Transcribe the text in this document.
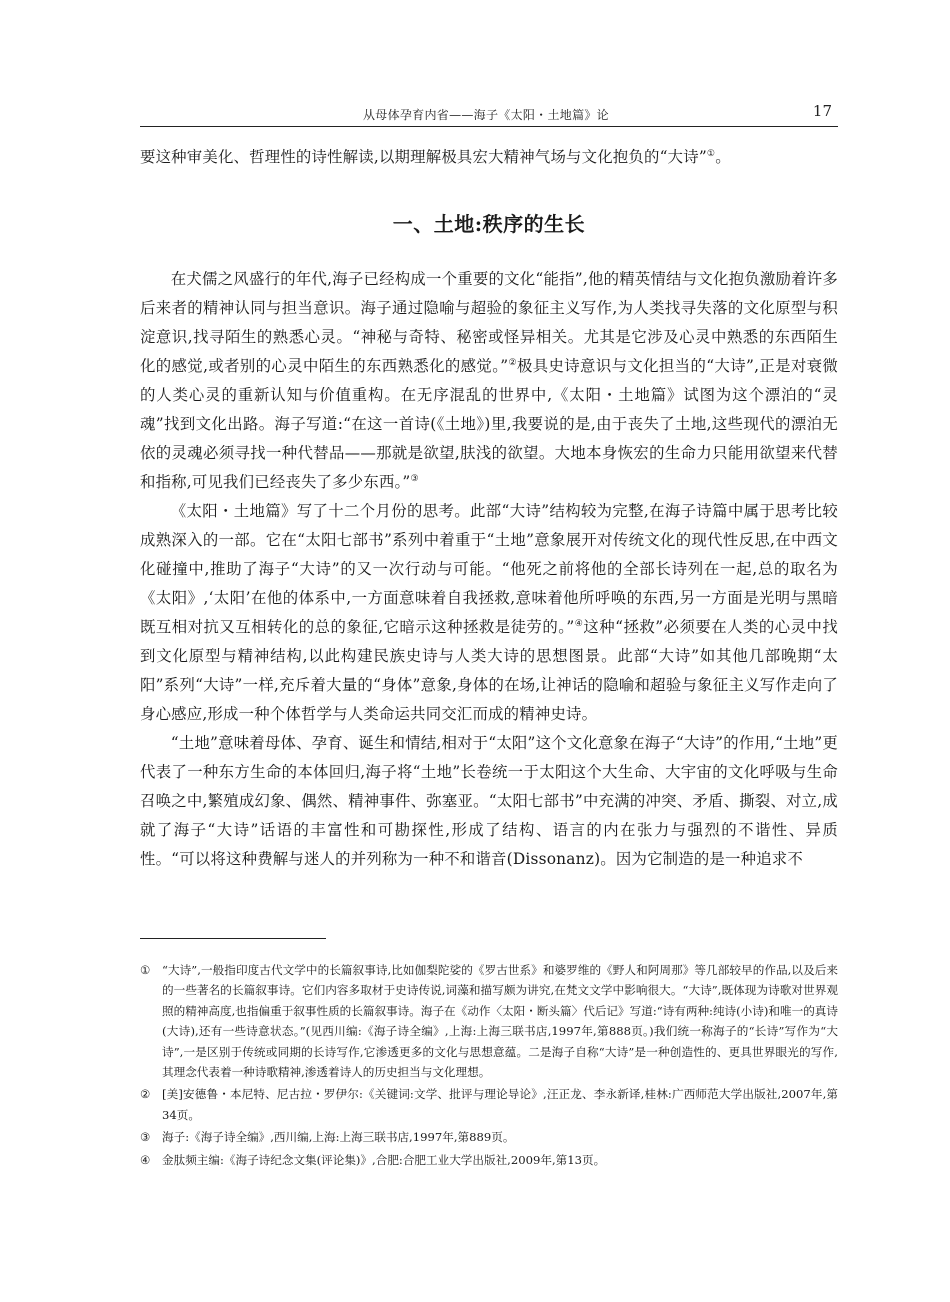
从母体孕育内省——海子《太阳・土地篇》论	17

要这种审美化、哲理性的诗性解读,以期理解极具宏大精神气场与文化抱负的“大诗”①。

一、土地:秩序的生长

在犬儒之风盛行的年代,海子已经构成一个重要的文化“能指”,他的精英情结与文化抱负激励着许多后来者的精神认同与担当意识。海子通过隐喻与超验的象征主义写作,为人类找寻失落的文化原型与积淀意识,找寻陌生的熟悉心灵。“神秘与奇特、秘密或怪异相关。尤其是它涉及心灵中熟悉的东西陌生化的感觉,或者别的心灵中陌生的东西熟悉化的感觉。”②极具史诗意识与文化担当的“大诗”,正是对衰微的人类心灵的重新认知与价值重构。在无序混乱的世界中,《太阳・土地篇》试图为这个漂泊的“灵魂”找到文化出路。海子写道:“在这一首诗(《土地》)里,我要说的是,由于丧失了土地,这些现代的漂泊无依的灵魂必须寻找一种代替品——那就是欲望,肤浅的欲望。大地本身恢宏的生命力只能用欲望来代替和指称,可见我们已经丧失了多少东西。”③

《太阳・土地篇》写了十二个月份的思考。此部“大诗”结构较为完整,在海子诗篇中属于思考比较成熟深入的一部。它在“太阳七部书”系列中着重于“土地”意象展开对传统文化的现代性反思,在中西文化碰撞中,推助了海子“大诗”的又一次行动与可能。“他死之前将他的全部长诗列在一起,总的取名为《太阳》,‘太阳’在他的体系中,一方面意味着自我拯救,意味着他所呼唤的东西,另一方面是光明与黑暗既互相对抗又互相转化的总的象征,它暗示这种拯救是徒劳的。”④这种“拯救”必须要在人类的心灵中找到文化原型与精神结构,以此构建民族史诗与人类大诗的思想图景。此部“大诗”如其他几部晚期“太阳”系列“大诗”一样,充斥着大量的“身体”意象,身体的在场,让神话的隐喻和超验与象征主义写作走向了身心感应,形成一种个体哲学与人类命运共同交汇而成的精神史诗。

“土地”意味着母体、孕育、诞生和情结,相对于“太阳”这个文化意象在海子“大诗”的作用,“土地”更代表了一种东方生命的本体回归,海子将“土地”长卷统一于太阳这个大生命、大宇宙的文化呼吸与生命召唤之中,繁殖成幻象、偶然、精神事件、弥塞亚。“太阳七部书”中充满的冲突、矛盾、撕裂、对立,成就了海子“大诗”话语的丰富性和可勘探性,形成了结构、语言的内在张力与强烈的不谐性、异质性。“可以将这种费解与迷人的并列称为一种不和谐音(Dissonanz)。因为它制造的是一种追求不

① “大诗”,一般指印度古代文学中的长篇叙事诗,比如伽梨陀娑的《罗古世系》和婆罗维的《野人和阿周那》等几部较早的作品,以及后来的一些著名的长篇叙事诗。它们内容多取材于史诗传说,词藻和描写颇为讲究,在梵文文学中影响很大。“大诗”,既体现为诗歌对世界观照的精神高度,也指偏重于叙事性质的长篇叙事诗。海子在《动作〈太阳・断头篇〉代后记》写道:“诗有两种:纯诗(小诗)和唯一的真诗(大诗),还有一些诗意状态。”(见西川编:《海子诗全编》,上海:上海三联书店,1997年,第888页。)我们统一称海子的“长诗”写作为“大诗”,一是区别于传统或同期的长诗写作,它渗透更多的文化与思想意蕴。二是海子自称“大诗”是一种创造性的、更具世界眼光的写作,其理念代表着一种诗歌精神,渗透着诗人的历史担当与文化理想。
② [美]安德鲁・本尼特、尼古拉・罗伊尔:《关键词:文学、批评与理论导论》,汪正龙、李永新译,桂林:广西师范大学出版社,2007年,第34页。
③ 海子:《海子诗全编》,西川编,上海:上海三联书店,1997年,第889页。
④ 金肽频主编:《海子诗纪念文集(评论集)》,合肥:合肥工业大学出版社,2009年,第13页。
